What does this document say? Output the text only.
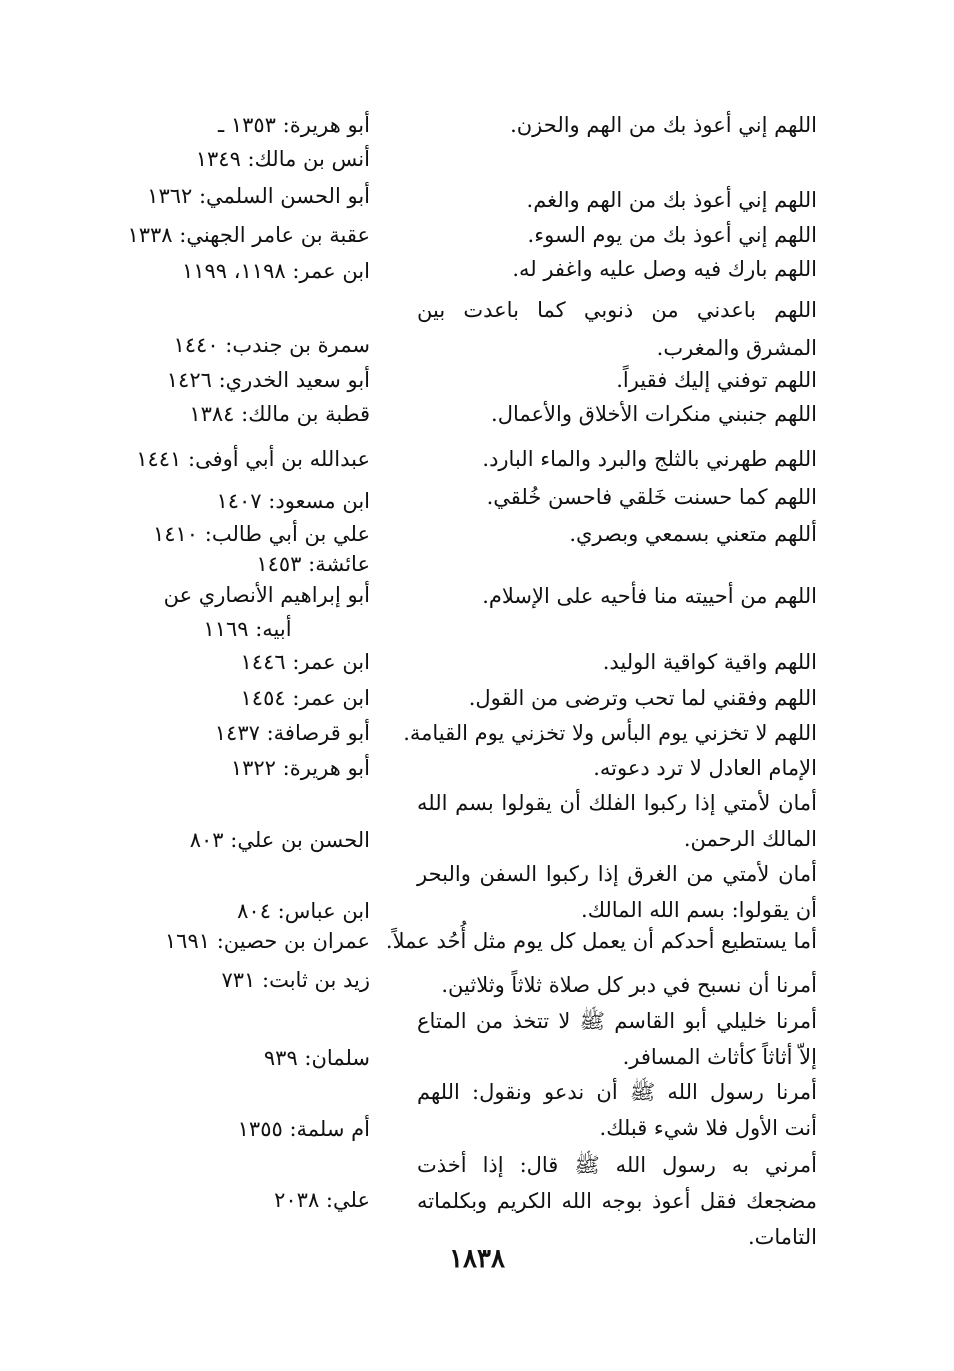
اللهم إني أعوذ بك من الهم والحزن.
أبو هريرة: ١٣٥٣ ـ
أنس بن مالك: ١٣٤٩
اللهم إني أعوذ بك من الهم والغم.
أبو الحسن السلمي: ١٣٦٢
اللهم إني أعوذ بك من يوم السوء.
عقبة بن عامر الجهني: ١٣٣٨
اللهم بارك فيه وصل عليه واغفر له.
ابن عمر: ١١٩٨، ١١٩٩
اللهم باعدني من ذنوبي كما باعدت بين المشرق والمغرب.
سمرة بن جندب: ١٤٤٠
اللهم توفني إليك فقيراً.
أبو سعيد الخدري: ١٤٢٦
اللهم جنبني منكرات الأخلاق والأعمال.
قطبة بن مالك: ١٣٨٤
اللهم طهرني بالثلج والبرد والماء البارد.
عبدالله بن أبي أوفى: ١٤٤١
اللهم كما حسنت خَلقي فاحسن خُلقي.
ابن مسعود: ١٤٠٧
أللهم متعني بسمعي وبصري.
علي بن أبي طالب: ١٤١٠
عائشة: ١٤٥٣
اللهم من أحييته منا فأحيه على الإسلام.
أبو إبراهيم الأنصاري عن أبيه: ١١٦٩
اللهم واقية كواقية الوليد.
ابن عمر: ١٤٤٦
اللهم وفقني لما تحب وترضى من القول.
ابن عمر: ١٤٥٤
اللهم لا تخزني يوم البأس ولا تخزني يوم القيامة.
أبو قرصافة: ١٤٣٧
الإمام العادل لا ترد دعوته.
أبو هريرة: ١٣٢٢
أمان لأمتي إذا ركبوا الفلك أن يقولوا بسم الله المالك الرحمن.
الحسن بن علي: ٨٠٣
أمان لأمتي من الغرق إذا ركبوا السفن والبحر أن يقولوا: بسم الله المالك.
ابن عباس: ٨٠٤
أما يستطيع أحدكم أن يعمل كل يوم مثل أُحُد عملاً.
عمران بن حصين: ١٦٩١
أمرنا أن نسبح في دبر كل صلاة ثلاثاً وثلاثين.
زيد بن ثابت: ٧٣١
أمرنا خليلي أبو القاسم ﷺ لا تتخذ من المتاع إلاّ أثاثاً كأثاث المسافر.
سلمان: ٩٣٩
أمرنا رسول الله ﷺ أن ندعو ونقول: اللهم أنت الأول فلا شيء قبلك.
أم سلمة: ١٣٥٥
أمرني به رسول الله ﷺ قال: إذا أخذت مضجعك فقل أعوذ بوجه الله الكريم وبكلماته التامات.
علي: ٢٠٣٨
١٨٣٨
